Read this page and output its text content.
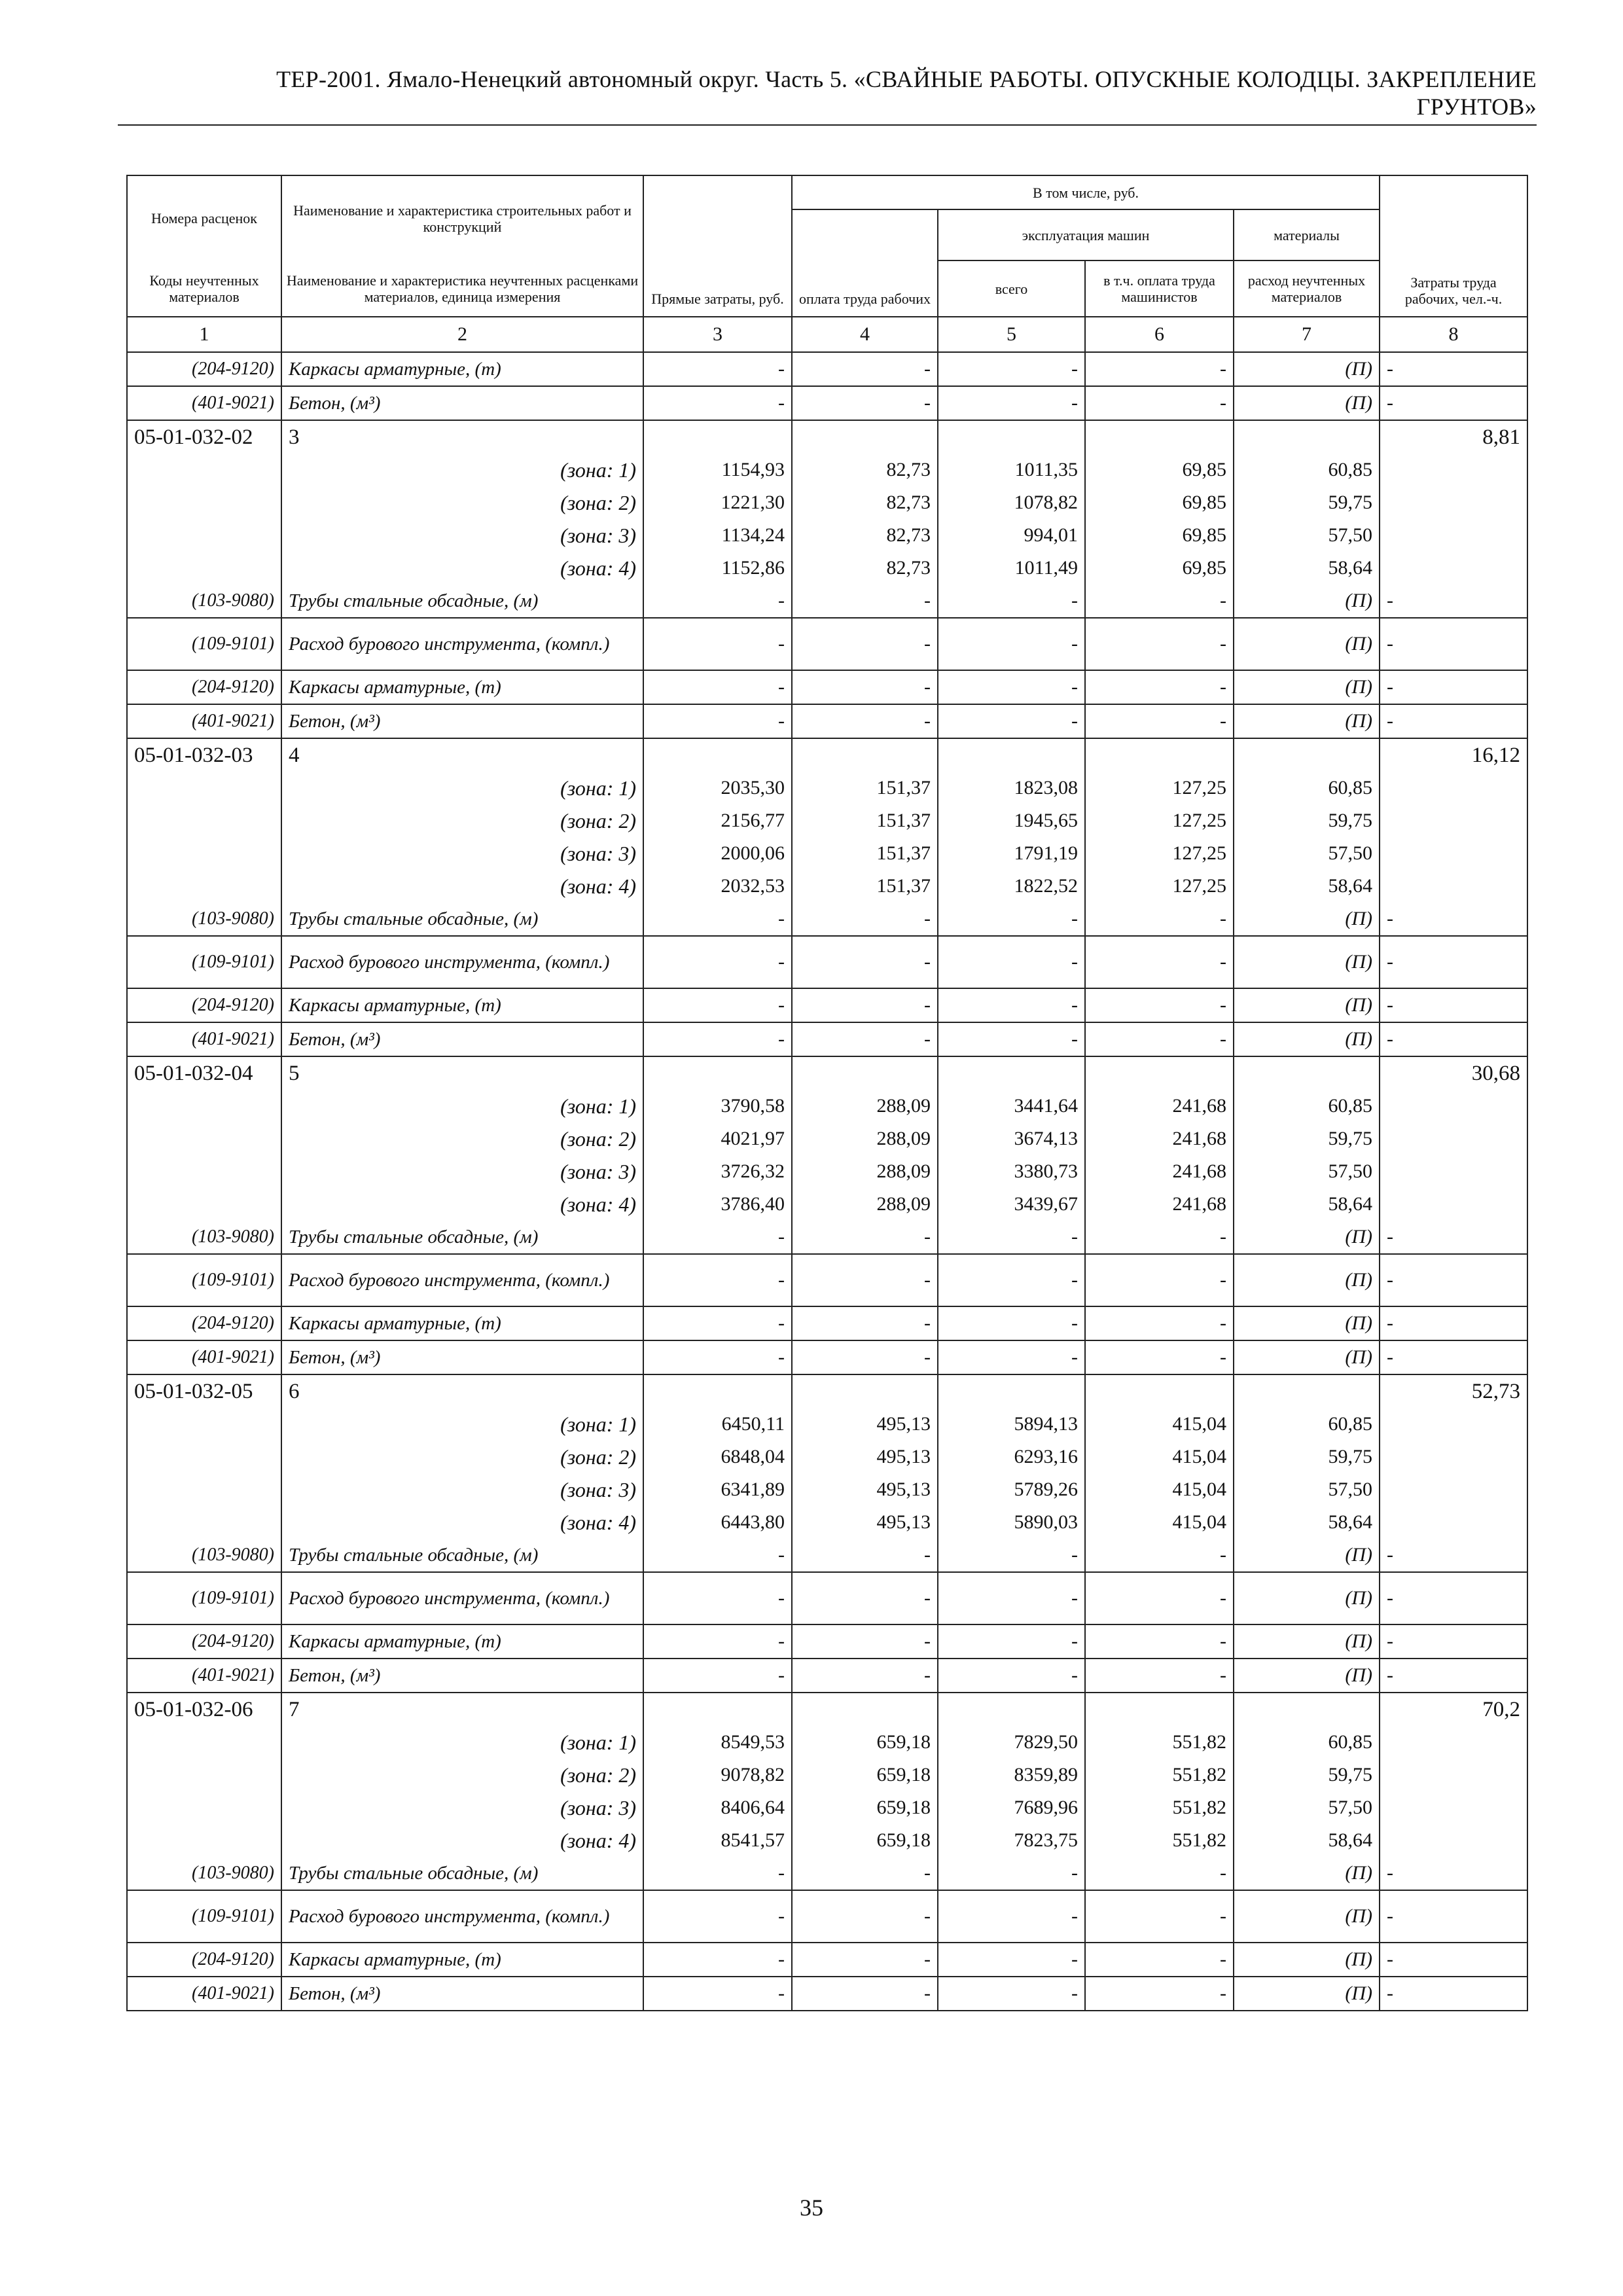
ТЕР-2001. Ямало-Ненецкий автономный округ. Часть 5. «СВАЙНЫЕ РАБОТЫ. ОПУСКНЫЕ КОЛОДЦЫ. ЗАКРЕПЛЕНИЕ
ГРУНТОВ»
Номера расценок	Наименование и характеристика строительных работ и конструкций	Прямые затраты, руб.	В том числе, руб.				Затраты труда рабочих, чел.-ч.
			оплата труда рабочих	эксплуатация машин		материалы	
Коды неучтенных материалов	Наименование и характеристика неучтенных расценками материалов, единица измерения			всего	в т.ч. оплата труда машинистов	расход неучтенных материалов	
1	2	3	4	5	6	7	8
(204-9120)	Каркасы арматурные, (т)	-	-	-	-	(П)	-
(401-9021)	Бетон, (м³)	-	-	-	-	(П)	-
05-01-032-02	3						8,81
	(зона: 1)	1154,93	82,73	1011,35	69,85	60,85	
	(зона: 2)	1221,30	82,73	1078,82	69,85	59,75	
	(зона: 3)	1134,24	82,73	994,01	69,85	57,50	
	(зона: 4)	1152,86	82,73	1011,49	69,85	58,64	
(103-9080)	Трубы стальные обсадные, (м)	-	-	-	-	(П)	-
(109-9101)	Расход бурового инструмента, (компл.)	-	-	-	-	(П)	-
(204-9120)	Каркасы арматурные, (т)	-	-	-	-	(П)	-
(401-9021)	Бетон, (м³)	-	-	-	-	(П)	-
05-01-032-03	4						16,12
	(зона: 1)	2035,30	151,37	1823,08	127,25	60,85	
	(зона: 2)	2156,77	151,37	1945,65	127,25	59,75	
	(зона: 3)	2000,06	151,37	1791,19	127,25	57,50	
	(зона: 4)	2032,53	151,37	1822,52	127,25	58,64	
(103-9080)	Трубы стальные обсадные, (м)	-	-	-	-	(П)	-
(109-9101)	Расход бурового инструмента, (компл.)	-	-	-	-	(П)	-
(204-9120)	Каркасы арматурные, (т)	-	-	-	-	(П)	-
(401-9021)	Бетон, (м³)	-	-	-	-	(П)	-
05-01-032-04	5						30,68
	(зона: 1)	3790,58	288,09	3441,64	241,68	60,85	
	(зона: 2)	4021,97	288,09	3674,13	241,68	59,75	
	(зона: 3)	3726,32	288,09	3380,73	241,68	57,50	
	(зона: 4)	3786,40	288,09	3439,67	241,68	58,64	
(103-9080)	Трубы стальные обсадные, (м)	-	-	-	-	(П)	-
(109-9101)	Расход бурового инструмента, (компл.)	-	-	-	-	(П)	-
(204-9120)	Каркасы арматурные, (т)	-	-	-	-	(П)	-
(401-9021)	Бетон, (м³)	-	-	-	-	(П)	-
05-01-032-05	6						52,73
	(зона: 1)	6450,11	495,13	5894,13	415,04	60,85	
	(зона: 2)	6848,04	495,13	6293,16	415,04	59,75	
	(зона: 3)	6341,89	495,13	5789,26	415,04	57,50	
	(зона: 4)	6443,80	495,13	5890,03	415,04	58,64	
(103-9080)	Трубы стальные обсадные, (м)	-	-	-	-	(П)	-
(109-9101)	Расход бурового инструмента, (компл.)	-	-	-	-	(П)	-
(204-9120)	Каркасы арматурные, (т)	-	-	-	-	(П)	-
(401-9021)	Бетон, (м³)	-	-	-	-	(П)	-
05-01-032-06	7						70,2
	(зона: 1)	8549,53	659,18	7829,50	551,82	60,85	
	(зона: 2)	9078,82	659,18	8359,89	551,82	59,75	
	(зона: 3)	8406,64	659,18	7689,96	551,82	57,50	
	(зона: 4)	8541,57	659,18	7823,75	551,82	58,64	
(103-9080)	Трубы стальные обсадные, (м)	-	-	-	-	(П)	-
(109-9101)	Расход бурового инструмента, (компл.)	-	-	-	-	(П)	-
(204-9120)	Каркасы арматурные, (т)	-	-	-	-	(П)	-
(401-9021)	Бетон, (м³)	-	-	-	-	(П)	-
35
